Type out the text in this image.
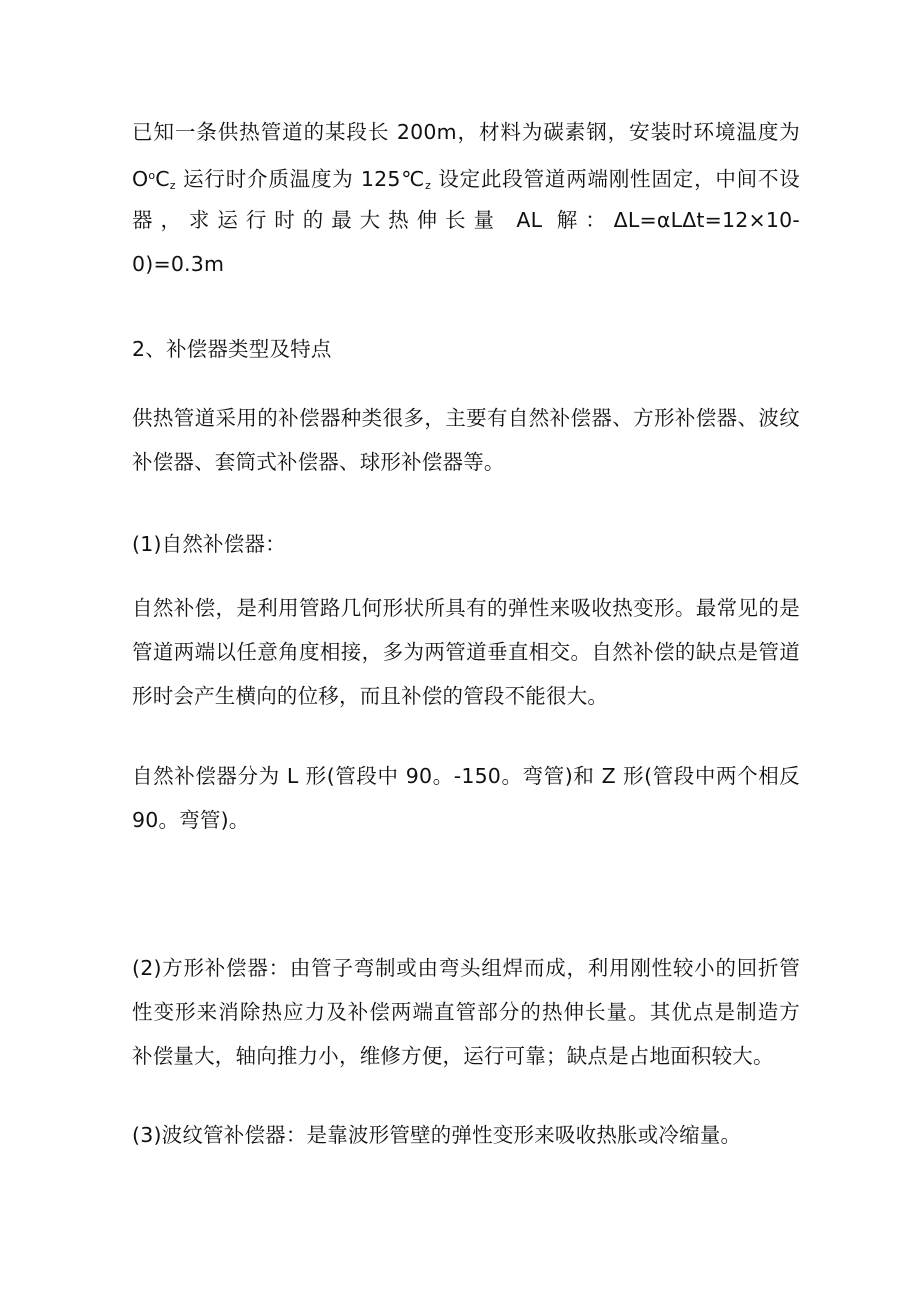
已知一条供热管道的某段长 200m，材料为碳素钢，安装时环境温度为
$O^oC_z$ 运行时介质温度为 $125℃_z$ 设定此段管道两端刚性固定，中间不设
器，求运行时的最大热伸长量 AL 解：ΔL=αLΔt=12×10-
0)=0.3m
2、补偿器类型及特点
供热管道采用的补偿器种类很多，主要有自然补偿器、方形补偿器、波纹
补偿器、套筒式补偿器、球形补偿器等。
(1)自然补偿器：
自然补偿，是利用管路几何形状所具有的弹性来吸收热变形。最常见的是
管道两端以任意角度相接，多为两管道垂直相交。自然补偿的缺点是管道
形时会产生横向的位移，而且补偿的管段不能很大。
自然补偿器分为 L 形(管段中 90。-150。弯管)和 Z 形(管段中两个相反
90。弯管)。
(2)方形补偿器：由管子弯制或由弯头组焊而成，利用刚性较小的回折管
性变形来消除热应力及补偿两端直管部分的热伸长量。其优点是制造方
补偿量大，轴向推力小，维修方便，运行可靠；缺点是占地面积较大。
(3)波纹管补偿器：是靠波形管壁的弹性变形来吸收热胀或冷缩量。
